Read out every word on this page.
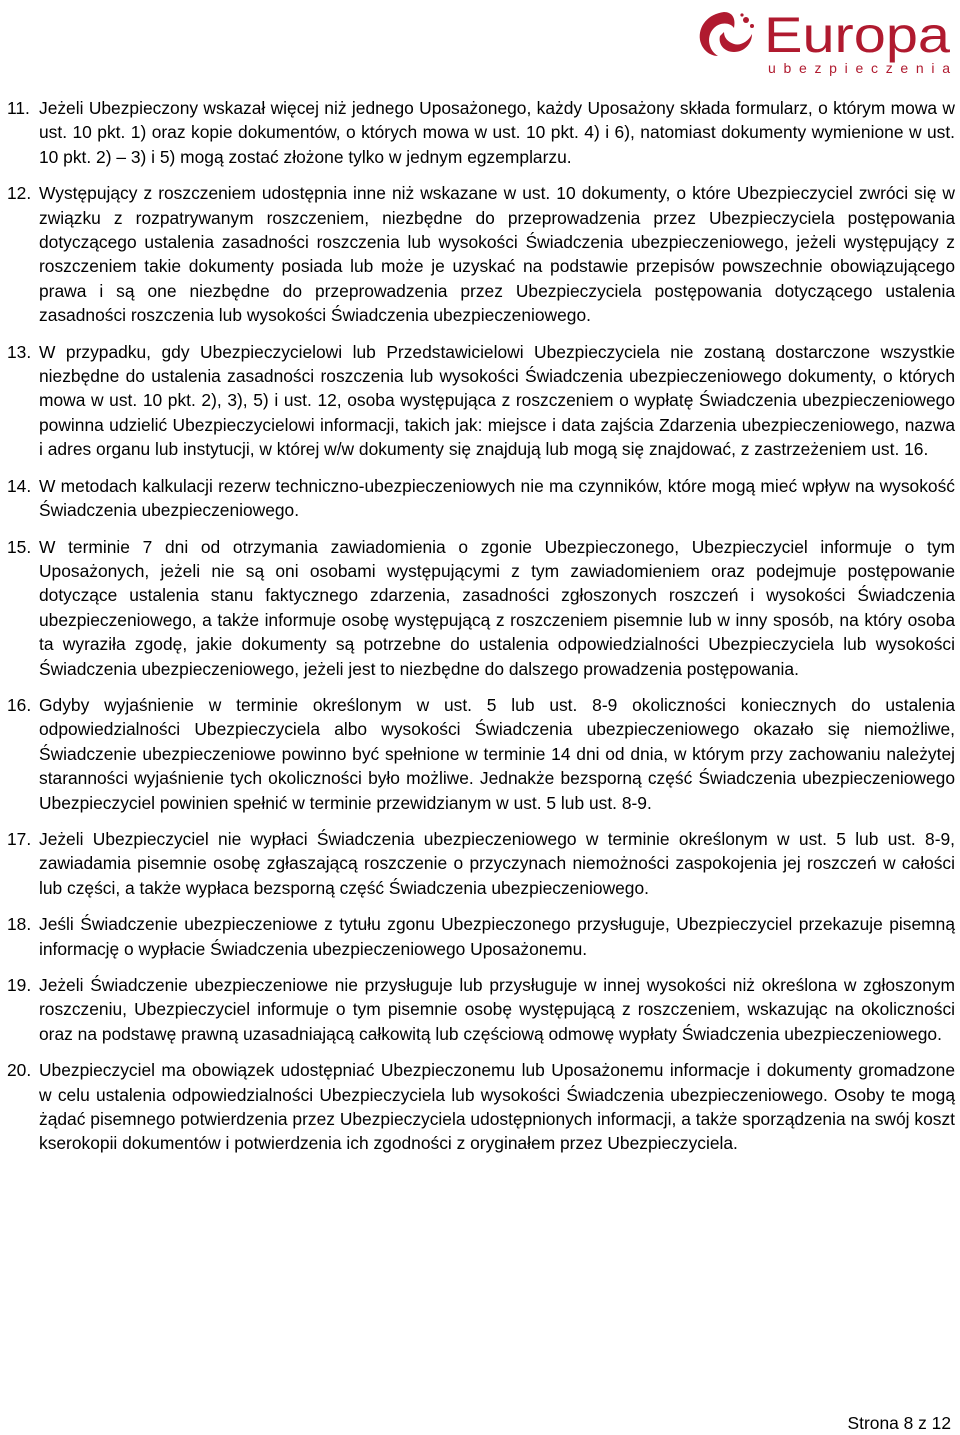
Europa
ubezpieczenia
11. Jeżeli Ubezpieczony wskazał więcej niż jednego Uposażonego, każdy Uposażony składa formularz, o którym mowa w ust. 10 pkt. 1) oraz kopie dokumentów, o których mowa w ust. 10 pkt. 4) i 6), natomiast dokumenty wymienione w ust. 10 pkt. 2) – 3) i 5) mogą zostać złożone tylko w jednym egzemplarzu.
12. Występujący z roszczeniem udostępnia inne niż wskazane w ust. 10 dokumenty, o które Ubezpieczyciel zwróci się w związku z rozpatrywanym roszczeniem, niezbędne do przeprowadzenia przez Ubezpieczyciela postępowania dotyczącego ustalenia zasadności roszczenia lub wysokości Świadczenia ubezpieczeniowego, jeżeli występujący z roszczeniem takie dokumenty posiada lub może je uzyskać na podstawie przepisów powszechnie obowiązującego prawa i są one niezbędne do przeprowadzenia przez Ubezpieczyciela postępowania dotyczącego ustalenia zasadności roszczenia lub wysokości Świadczenia ubezpieczeniowego.
13. W przypadku, gdy Ubezpieczycielowi lub Przedstawicielowi Ubezpieczyciela nie zostaną dostarczone wszystkie niezbędne do ustalenia zasadności roszczenia lub wysokości Świadczenia ubezpieczeniowego dokumenty, o których mowa w ust. 10 pkt. 2), 3), 5) i ust. 12, osoba występująca z roszczeniem o wypłatę Świadczenia ubezpieczeniowego powinna udzielić Ubezpieczycielowi informacji, takich jak: miejsce i data zajścia Zdarzenia ubezpieczeniowego, nazwa i adres organu lub instytucji, w której w/w dokumenty się znajdują lub mogą się znajdować, z zastrzeżeniem ust. 16.
14. W metodach kalkulacji rezerw techniczno-ubezpieczeniowych nie ma czynników, które mogą mieć wpływ na wysokość Świadczenia ubezpieczeniowego.
15. W terminie 7 dni od otrzymania zawiadomienia o zgonie Ubezpieczonego, Ubezpieczyciel informuje o tym Uposażonych, jeżeli nie są oni osobami występującymi z tym zawiadomieniem oraz podejmuje postępowanie dotyczące ustalenia stanu faktycznego zdarzenia, zasadności zgłoszonych roszczeń i wysokości Świadczenia ubezpieczeniowego, a także informuje osobę występującą z roszczeniem pisemnie lub w inny sposób, na który osoba ta wyraziła zgodę, jakie dokumenty są potrzebne do ustalenia odpowiedzialności Ubezpieczyciela lub wysokości Świadczenia ubezpieczeniowego, jeżeli jest to niezbędne do dalszego prowadzenia postępowania.
16. Gdyby wyjaśnienie w terminie określonym w ust. 5 lub ust. 8-9 okoliczności koniecznych do ustalenia odpowiedzialności Ubezpieczyciela albo wysokości Świadczenia ubezpieczeniowego okazało się niemożliwe, Świadczenie ubezpieczeniowe powinno być spełnione w terminie 14 dni od dnia, w którym przy zachowaniu należytej staranności wyjaśnienie tych okoliczności było możliwe. Jednakże bezsporną część Świadczenia ubezpieczeniowego Ubezpieczyciel powinien spełnić w terminie przewidzianym w ust. 5 lub ust. 8-9.
17. Jeżeli Ubezpieczyciel nie wypłaci Świadczenia ubezpieczeniowego w terminie określonym w ust. 5 lub ust. 8-9, zawiadamia pisemnie osobę zgłaszającą roszczenie o przyczynach niemożności zaspokojenia jej roszczeń w całości lub części, a także wypłaca bezsporną część Świadczenia ubezpieczeniowego.
18. Jeśli Świadczenie ubezpieczeniowe z tytułu zgonu Ubezpieczonego przysługuje, Ubezpieczyciel przekazuje pisemną informację o wypłacie Świadczenia ubezpieczeniowego Uposażonemu.
19. Jeżeli Świadczenie ubezpieczeniowe nie przysługuje lub przysługuje w innej wysokości niż określona w zgłoszonym roszczeniu, Ubezpieczyciel informuje o tym pisemnie osobę występującą z roszczeniem, wskazując na okoliczności oraz na podstawę prawną uzasadniającą całkowitą lub częściową odmowę wypłaty Świadczenia ubezpieczeniowego.
20. Ubezpieczyciel ma obowiązek udostępniać Ubezpieczonemu lub Uposażonemu informacje i dokumenty gromadzone w celu ustalenia odpowiedzialności Ubezpieczyciela lub wysokości Świadczenia ubezpieczeniowego. Osoby te mogą żądać pisemnego potwierdzenia przez Ubezpieczyciela udostępnionych informacji, a także sporządzenia na swój koszt kserokopii dokumentów i potwierdzenia ich zgodności z oryginałem przez Ubezpieczyciela.
Strona 8 z 12
